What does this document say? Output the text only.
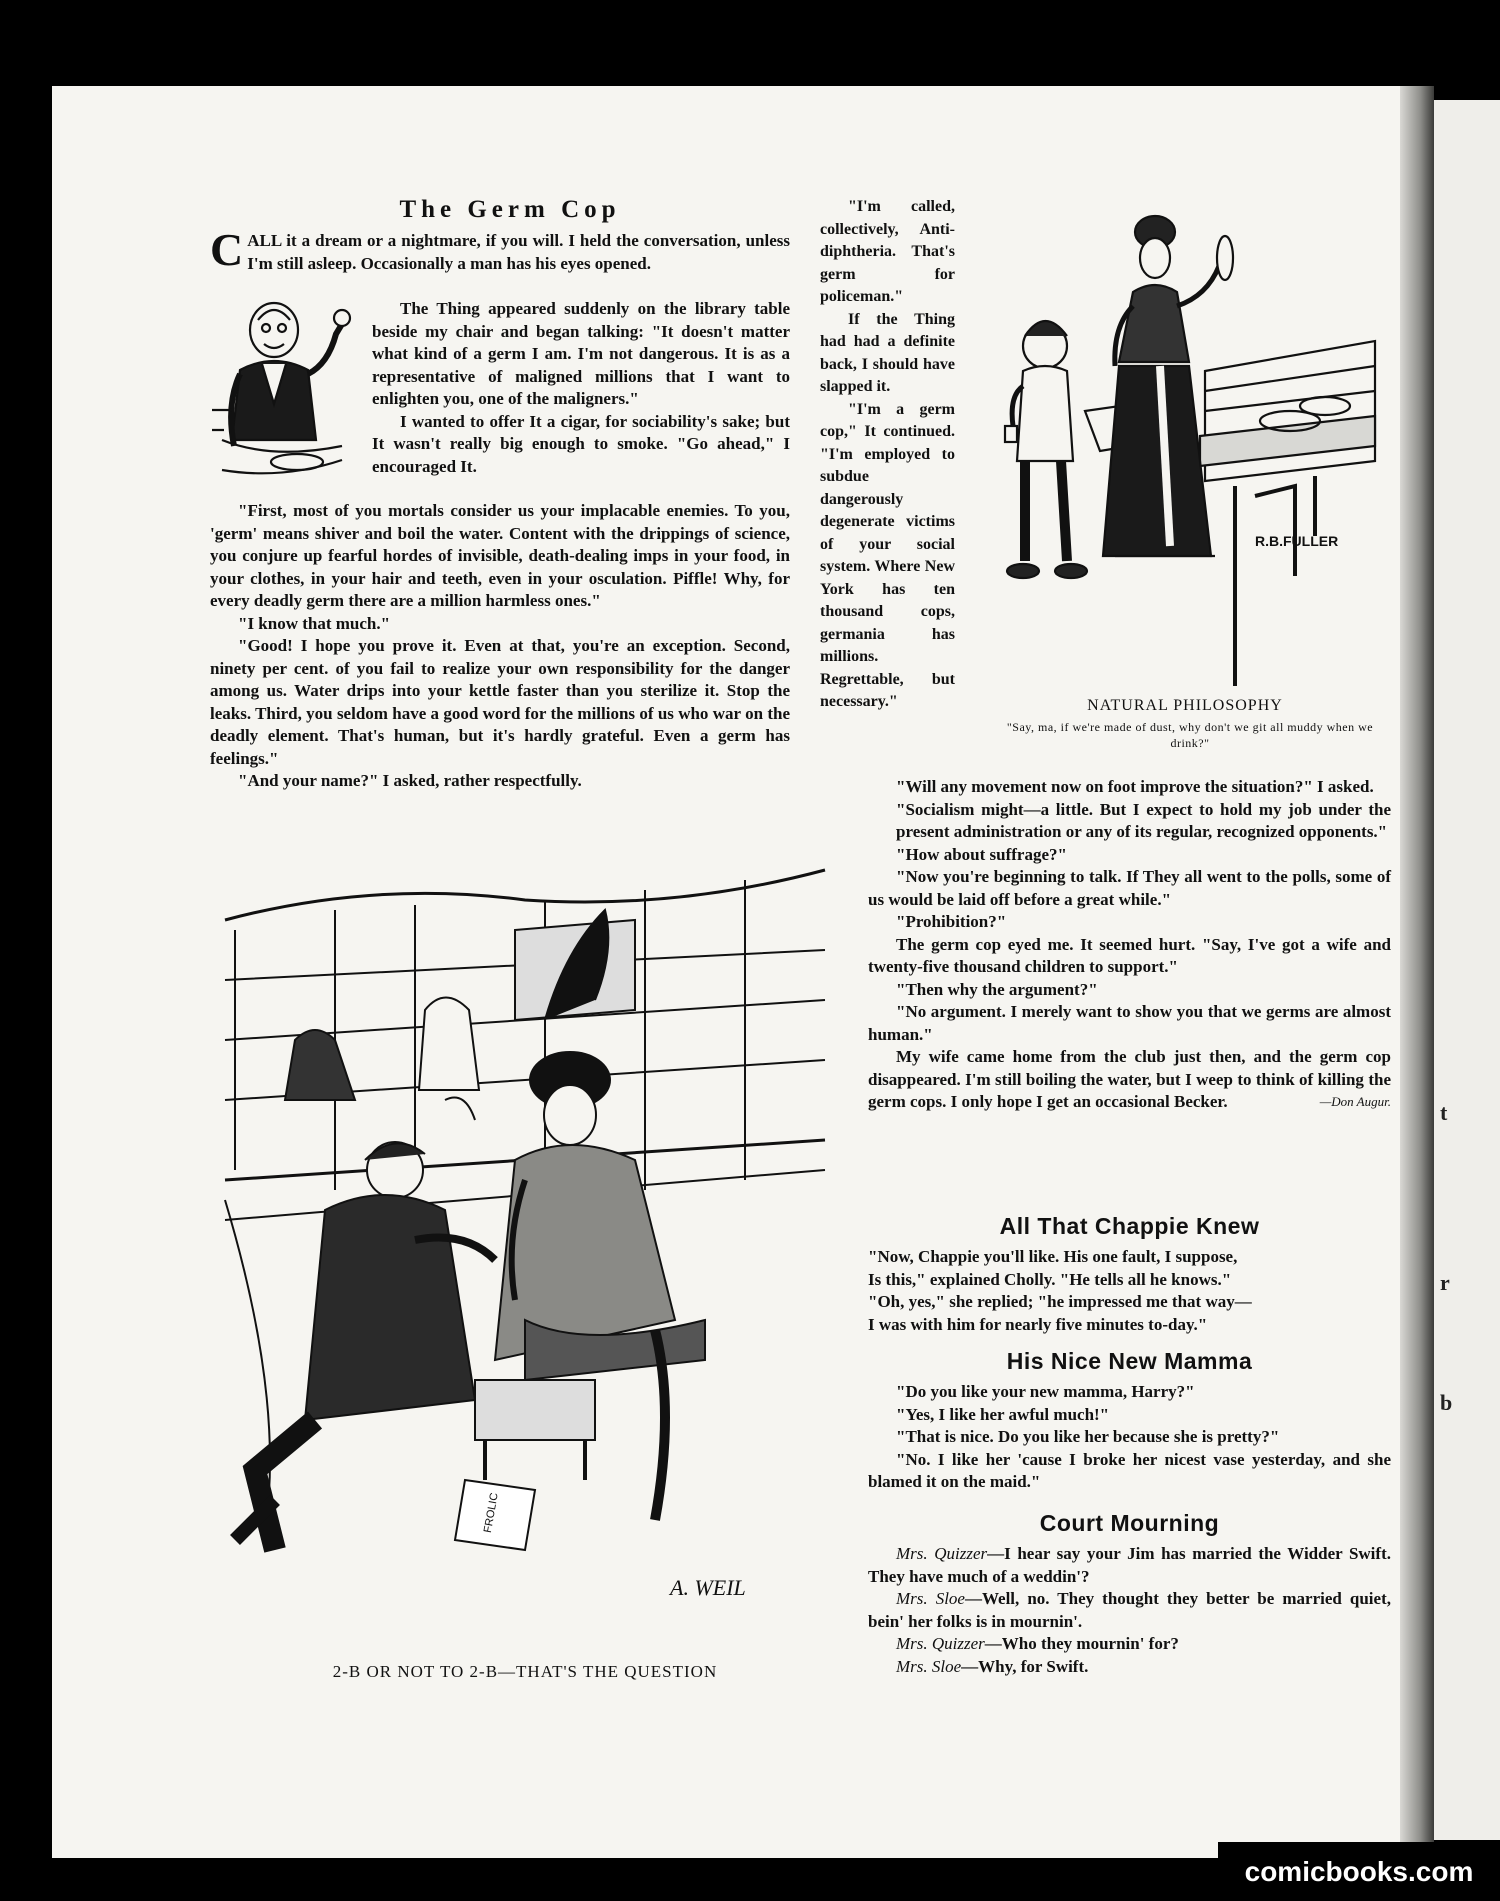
t
r
b
The Germ Cop
C ALL it a dream or a nightmare, if you will. I held the conversation, unless I'm still asleep. Occasionally a man has his eyes opened.

The Thing appeared suddenly on the library table beside my chair and began talking: "It doesn't matter what kind of a germ I am. I'm not dangerous. It is as a representative of maligned millions that I want to enlighten you, one of the maligners."

I wanted to offer It a cigar, for sociability's sake; but It wasn't really big enough to smoke. "Go ahead," I encouraged It.

"First, most of you mortals consider us your implacable enemies. To you, 'germ' means shiver and boil the water. Content with the drippings of science, you conjure up fearful hordes of invisible, death-dealing imps in your food, in your clothes, in your hair and teeth, even in your osculation. Piffle! Why, for every deadly germ there are a million harmless ones."

"I know that much."

"Good! I hope you prove it. Even at that, you're an exception. Second, ninety per cent. of you fail to realize your own responsibility for the danger among us. Water drips into your kettle faster than you sterilize it. Stop the leaks. Third, you seldom have a good word for the millions of us who war on the deadly element. That's human, but it's hardly grateful. Even a germ has feelings."

"And your name?" I asked, rather respectfully.

"I'm called, collectively, Anti-diphtheria. That's germ for policeman."

If the Thing had had a definite back, I should have slapped it.

"I'm a germ cop," It continued. "I'm employed to subdue dangerously degenerate victims of your social system. Where New York has ten thousand cops, germania has millions. Regrettable, but necessary."

R.B.FULLER
NATURAL PHILOSOPHY
"Say, ma, if we're made of dust, why don't we git all muddy when we drink?"

"Will any movement now on foot improve the situation?" I asked.

"Socialism might—a little. But I expect to hold my job under the present administration or any of its regular, recognized opponents."

"How about suffrage?"

"Now you're beginning to talk. If They all went to the polls, some of us would be laid off before a great while."

"Prohibition?"

The germ cop eyed me. It seemed hurt. "Say, I've got a wife and twenty-five thousand children to support."

"Then why the argument?"

"No argument. I merely want to show you that we germs are almost human."

My wife came home from the club just then, and the germ cop disappeared. I'm still boiling the water, but I weep to think of killing the germ cops. I only hope I get an occasional Becker.	—Don Augur.

All That Chappie Knew

"Now, Chappie you'll like. His one fault, I suppose,

Is this," explained Cholly. "He tells all he knows."

"Oh, yes," she replied; "he impressed me that way—

I was with him for nearly five minutes to-day."

His Nice New Mamma

"Do you like your new mamma, Harry?"

"Yes, I like her awful much!"

"That is nice. Do you like her because she is pretty?"

"No. I like her 'cause I broke her nicest vase yesterday, and she blamed it on the maid."

Court Mourning

Mrs. Quizzer—I hear say your Jim has married the Widder Swift. They have much of a weddin'?

Mrs. Sloe—Well, no. They thought they better be married quiet, bein' her folks is in mournin'.

Mrs. Quizzer—Who they mournin' for?

Mrs. Sloe—Why, for Swift.

FROLIC
A. WEIL
2-B OR NOT TO 2-B—THAT'S THE QUESTION
comicbooks.com
